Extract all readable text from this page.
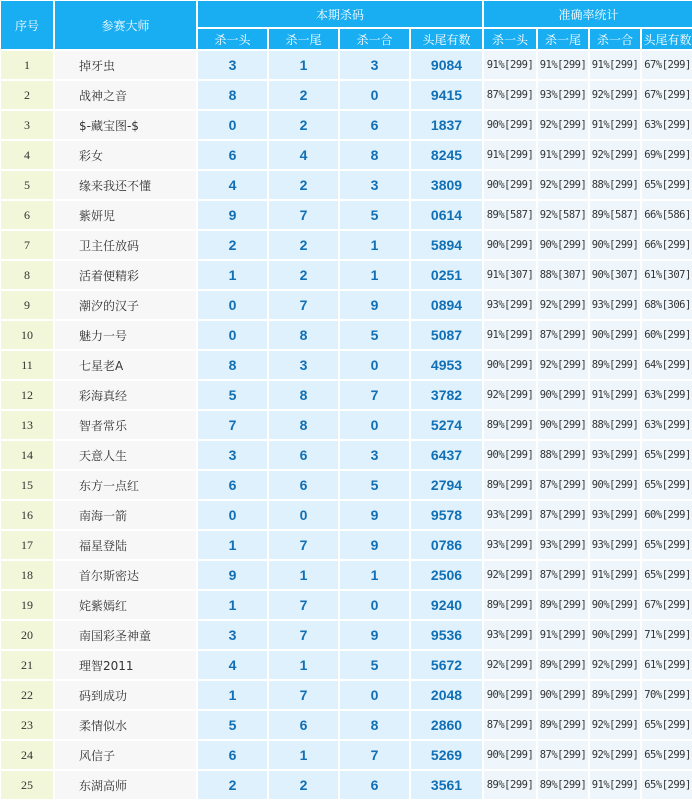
序号	参赛大师	本期杀码				准确率统计			
		杀一头	杀一尾	杀一合	头尾有数	杀一头	杀一尾	杀一合	头尾有数
1	掉牙虫	3	1	3	9084	91%[299]	91%[299]	91%[299]	67%[299]
2	战神之音	8	2	0	9415	87%[299]	93%[299]	92%[299]	67%[299]
3	$-藏宝图-$	0	2	6	1837	90%[299]	92%[299]	91%[299]	63%[299]
4	彩女	6	4	8	8245	91%[299]	91%[299]	92%[299]	69%[299]
5	缘来我还不懂	4	2	3	3809	90%[299]	92%[299]	88%[299]	65%[299]
6	紫妍児	9	7	5	0614	89%[587]	92%[587]	89%[587]	66%[586]
7	卫主任放码	2	2	1	5894	90%[299]	90%[299]	90%[299]	66%[299]
8	活着便精彩	1	2	1	0251	91%[307]	88%[307]	90%[307]	61%[307]
9	潮汐的汉子	0	7	9	0894	93%[299]	92%[299]	93%[299]	68%[306]
10	魅力一号	0	8	5	5087	91%[299]	87%[299]	90%[299]	60%[299]
11	七星老A	8	3	0	4953	90%[299]	92%[299]	89%[299]	64%[299]
12	彩海真经	5	8	7	3782	92%[299]	90%[299]	91%[299]	63%[299]
13	智者常乐	7	8	0	5274	89%[299]	90%[299]	88%[299]	63%[299]
14	天意人生	3	6	3	6437	90%[299]	88%[299]	93%[299]	65%[299]
15	东方一点红	6	6	5	2794	89%[299]	87%[299]	90%[299]	65%[299]
16	南海一箭	0	0	9	9578	93%[299]	87%[299]	93%[299]	60%[299]
17	福星登陆	1	7	9	0786	93%[299]	93%[299]	93%[299]	65%[299]
18	首尔斯密达	9	1	1	2506	92%[299]	87%[299]	91%[299]	65%[299]
19	姹紫嫣红	1	7	0	9240	89%[299]	89%[299]	90%[299]	67%[299]
20	南国彩圣神童	3	7	9	9536	93%[299]	91%[299]	90%[299]	71%[299]
21	理智2011	4	1	5	5672	92%[299]	89%[299]	92%[299]	61%[299]
22	码到成功	1	7	0	2048	90%[299]	90%[299]	89%[299]	70%[299]
23	柔情似水	5	6	8	2860	87%[299]	89%[299]	92%[299]	65%[299]
24	风信子	6	1	7	5269	90%[299]	87%[299]	92%[299]	65%[299]
25	东湖高师	2	2	6	3561	89%[299]	89%[299]	91%[299]	65%[299]
